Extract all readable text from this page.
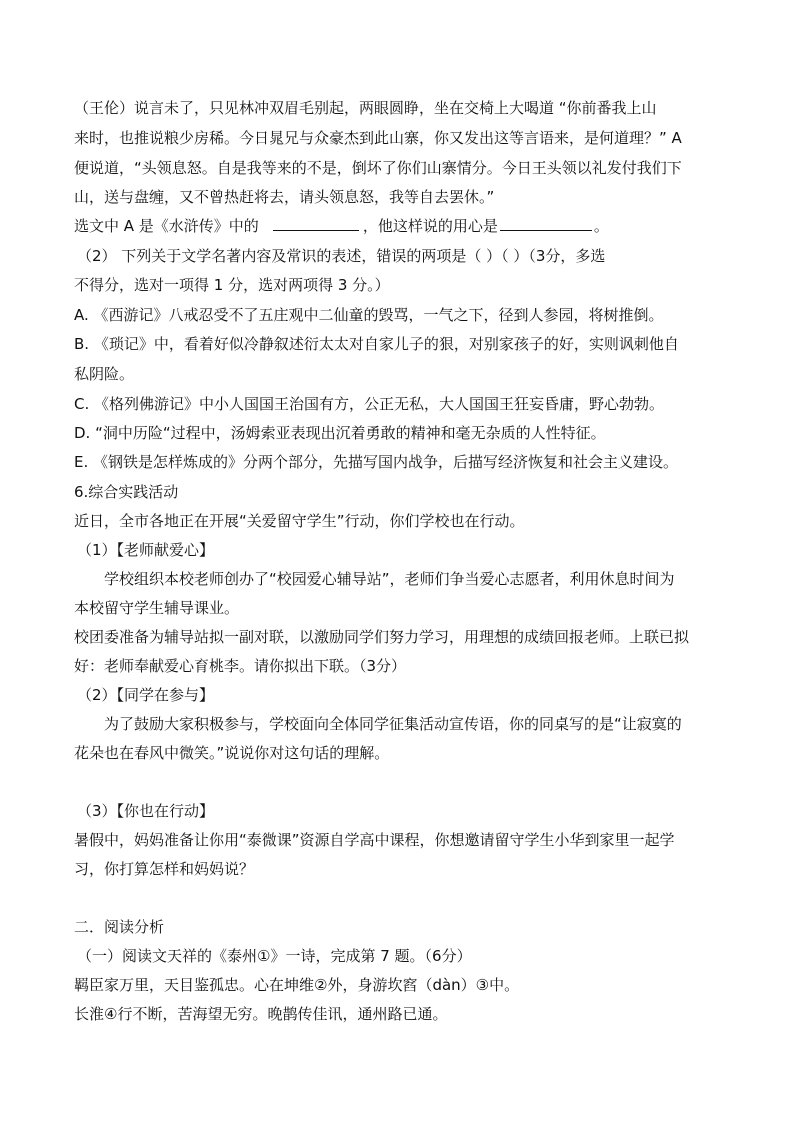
（王伦）说言未了，只见林冲双眉毛别起，两眼圆睁，坐在交椅上大喝道 “你前番我上山
来时，也推说粮少房稀。今日晁兄与众豪杰到此山寨，你又发出这等言语来，是何道理？” A
便说道，“头领息怒。自是我等来的不是，倒坏了你们山寨情分。今日王头领以礼发付我们下
山，送与盘缠，又不曾热赶将去，请头领息怒，我等自去罢休。”
选文中 A 是《水浒传》中的	，他这样说的用心是	。
（2） 下列关于文学名著内容及常识的表述，错误的两项是（ ）（ ）（3分，多选
不得分，选对一项得 1 分，选对两项得 3 分。）
A. 《西游记》八戒忍受不了五庄观中二仙童的毁骂，一气之下，径到人参园，将树推倒。
B. 《琐记》中，看着好似冷静叙述衍太太对自家儿子的狠，对别家孩子的好，实则讽刺他自
私阴险。
C. 《格列佛游记》中小人国国王治国有方，公正无私，大人国国王狂妄昏庸，野心勃勃。
D. “洞中历险“过程中，汤姆索亚表现出沉着勇敢的精神和毫无杂质的人性特征。
E. 《钢铁是怎样炼成的》分两个部分，先描写国内战争，后描写经济恢复和社会主义建设。
6.综合实践活动
近日，全市各地正在开展“关爱留守学生”行动，你们学校也在行动。
（1）【老师献爱心】
学校组织本校老师创办了“校园爱心辅导站”，老师们争当爱心志愿者，利用休息时间为
本校留守学生辅导课业。
校团委准备为辅导站拟一副对联，以激励同学们努力学习，用理想的成绩回报老师。上联已拟
好：老师奉献爱心育桃李。请你拟出下联。（3分）
（2）【同学在参与】
为了鼓励大家积极参与，学校面向全体同学征集活动宣传语，你的同桌写的是“让寂寞的
花朵也在春风中微笑。”说说你对这句话的理解。
（3）【你也在行动】
暑假中，妈妈准备让你用“泰微课”资源自学高中课程，你想邀请留守学生小华到家里一起学
习，你打算怎样和妈妈说？
二．阅读分析
（一）阅读文天祥的《泰州①》一诗，完成第 7 题。（6分）
羁臣家万里，天目鉴孤忠。心在坤维②外，身游坎窞（dàn）③中。
长淮④行不断，苦海望无穷。晚鹊传佳讯，通州路已通。
